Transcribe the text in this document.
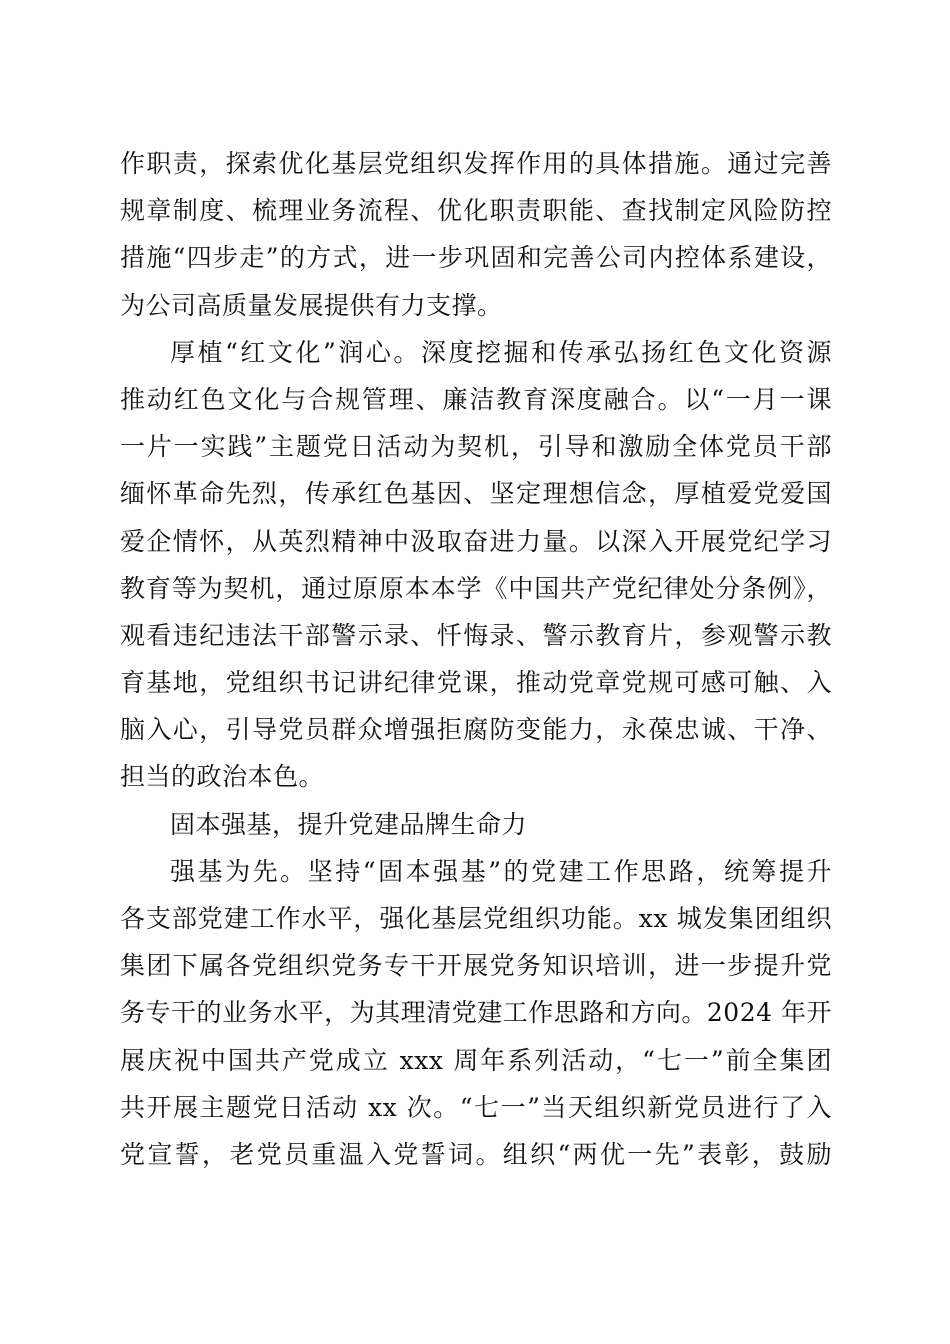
作职责，探索优化基层党组织发挥作用的具体措施。通过完善
规章制度、梳理业务流程、优化职责职能、查找制定风险防控
措施“四步走”的方式，进一步巩固和完善公司内控体系建设，
为公司高质量发展提供有力支撑。
厚植“红文化”润心。深度挖掘和传承弘扬红色文化资源
推动红色文化与合规管理、廉洁教育深度融合。以“一月一课
一片一实践”主题党日活动为契机，引导和激励全体党员干部
缅怀革命先烈，传承红色基因、坚定理想信念，厚植爱党爱国
爱企情怀，从英烈精神中汲取奋进力量。以深入开展党纪学习
教育等为契机，通过原原本本学《中国共产党纪律处分条例》，
观看违纪违法干部警示录、忏悔录、警示教育片，参观警示教
育基地，党组织书记讲纪律党课，推动党章党规可感可触、入
脑入心，引导党员群众增强拒腐防变能力，永葆忠诚、干净、
担当的政治本色。
固本强基，提升党建品牌生命力
强基为先。坚持“固本强基”的党建工作思路，统筹提升
各支部党建工作水平，强化基层党组织功能。xx 城发集团组织
集团下属各党组织党务专干开展党务知识培训，进一步提升党
务专干的业务水平，为其理清党建工作思路和方向。2024 年开
展庆祝中国共产党成立 xxx 周年系列活动，“七一”前全集团
共开展主题党日活动 xx 次。“七一”当天组织新党员进行了入
党宣誓，老党员重温入党誓词。组织“两优一先”表彰，鼓励
